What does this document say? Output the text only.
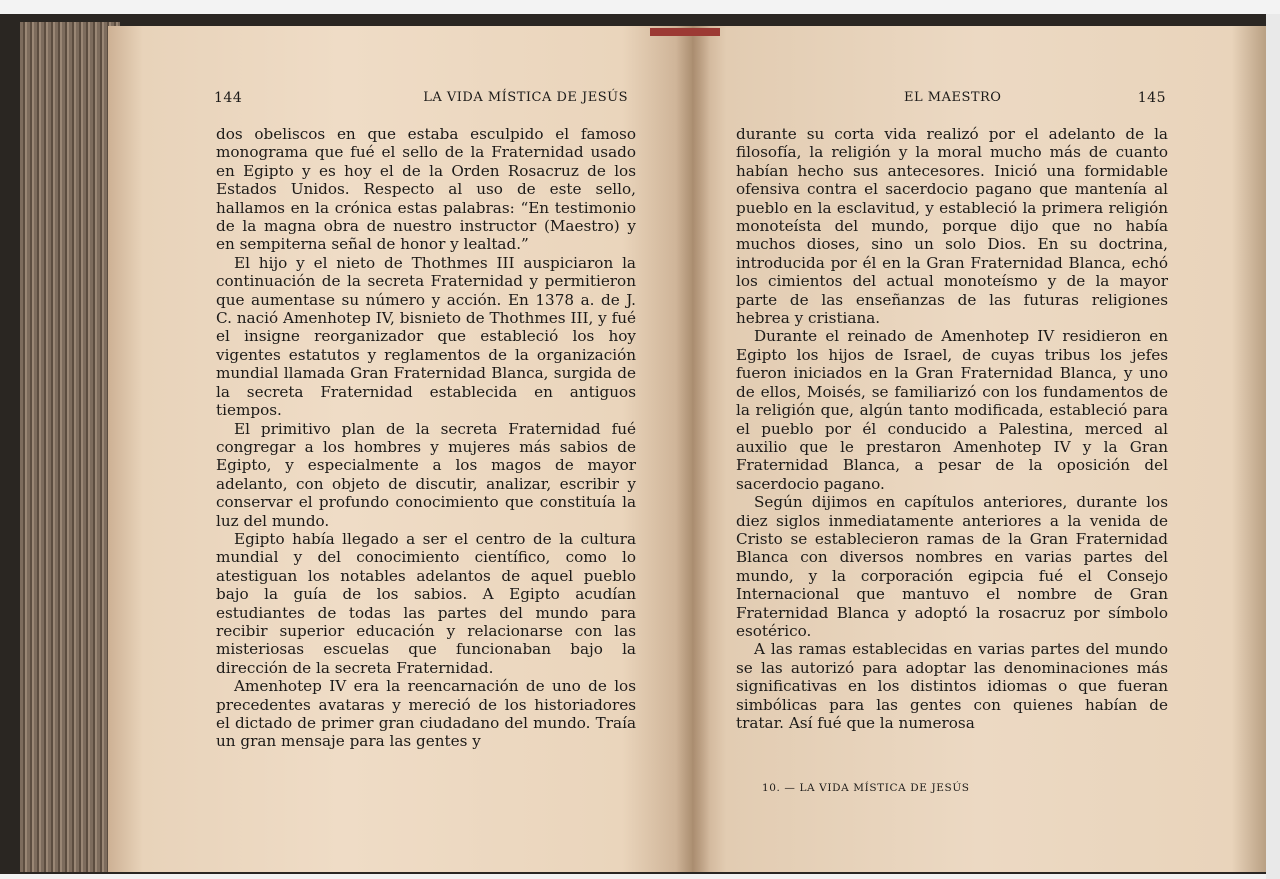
144	LA VIDA MÍSTICA DE JESÚS

dos obeliscos en que estaba esculpido el famoso monograma que fué el sello de la Fraternidad usado en Egipto y es hoy el de la Orden Rosacruz de los Estados Unidos. Respecto al uso de este sello, hallamos en la crónica estas palabras: “En testimonio de la magna obra de nuestro instructor (Maestro) y en sempiterna señal de honor y lealtad.”

El hijo y el nieto de Thothmes III auspiciaron la continuación de la secreta Fraternidad y permitieron que aumentase su número y acción. En 1378 a. de J. C. nació Amenhotep IV, bisnieto de Thothmes III, y fué el insigne reorganizador que estableció los hoy vigentes estatutos y reglamentos de la organización mundial llamada Gran Fraternidad Blanca, surgida de la secreta Fraternidad establecida en antiguos tiempos.

El primitivo plan de la secreta Fraternidad fué congregar a los hombres y mujeres más sabios de Egipto, y especialmente a los magos de mayor adelanto, con objeto de discutir, analizar, escribir y conservar el profundo conocimiento que constituía la luz del mundo.

Egipto había llegado a ser el centro de la cultura mundial y del conocimiento científico, como lo atestiguan los notables adelantos de aquel pueblo bajo la guía de los sabios. A Egipto acudían estudiantes de todas las partes del mundo para recibir superior educación y relacionarse con las misteriosas escuelas que funcionaban bajo la dirección de la secreta Fraternidad.

Amenhotep IV era la reencarnación de uno de los precedentes avataras y mereció de los historiadores el dictado de primer gran ciudadano del mundo. Traía un gran mensaje para las gentes y

EL MAESTRO	145

durante su corta vida realizó por el adelanto de la filosofía, la religión y la moral mucho más de cuanto habían hecho sus antecesores. Inició una formidable ofensiva contra el sacerdocio pagano que mantenía al pueblo en la esclavitud, y estableció la primera religión monoteísta del mundo, porque dijo que no había muchos dioses, sino un solo Dios. En su doctrina, introducida por él en la Gran Fraternidad Blanca, echó los cimientos del actual monoteísmo y de la mayor parte de las enseñanzas de las futuras religiones hebrea y cristiana.

Durante el reinado de Amenhotep IV residieron en Egipto los hijos de Israel, de cuyas tribus los jefes fueron iniciados en la Gran Fraternidad Blanca, y uno de ellos, Moisés, se familiarizó con los fundamentos de la religión que, algún tanto modificada, estableció para el pueblo por él conducido a Palestina, merced al auxilio que le prestaron Amenhotep IV y la Gran Fraternidad Blanca, a pesar de la oposición del sacerdocio pagano.

Según dijimos en capítulos anteriores, durante los diez siglos inmediatamente anteriores a la venida de Cristo se establecieron ramas de la Gran Fraternidad Blanca con diversos nombres en varias partes del mundo, y la corporación egipcia fué el Consejo Internacional que mantuvo el nombre de Gran Fraternidad Blanca y adoptó la rosacruz por símbolo esotérico.

A las ramas establecidas en varias partes del mundo se las autorizó para adoptar las denominaciones más significativas en los distintos idiomas o que fueran simbólicas para las gentes con quienes habían de tratar. Así fué que la numerosa

10. — LA VIDA MÍSTICA DE JESÚS
